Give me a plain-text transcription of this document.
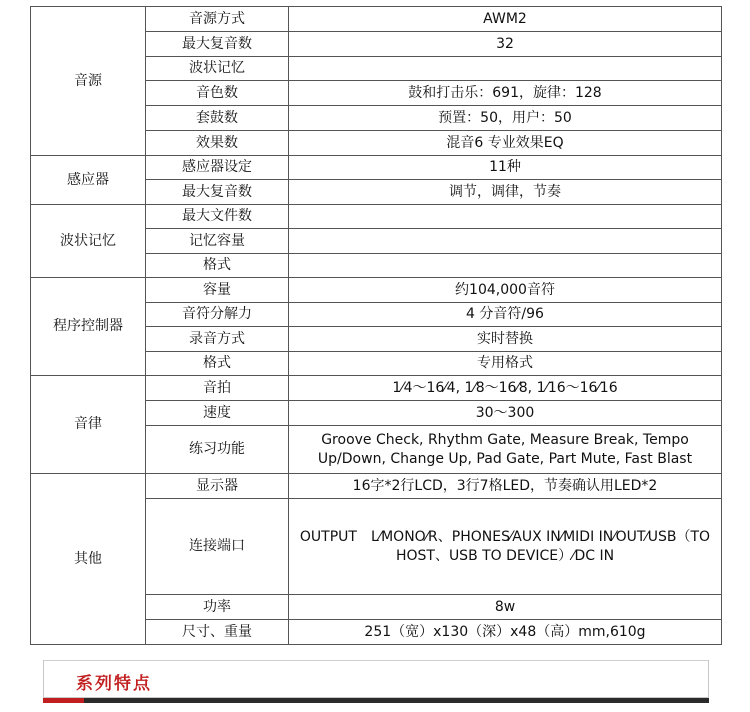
音源	音源方式	AWM2
	最大复音数	32
	波状记忆	
	音色数	鼓和打击乐：691，旋律：128
	套鼓数	预置：50，用户：50
	效果数	混音6 专业效果EQ
感应器	感应器设定	11种
	最大复音数	调节，调律，节奏
波状记忆	最大文件数	
	记忆容量	
	格式	
程序控制器	容量	约104,000音符
	音符分解力	4 分音符/96
	录音方式	实时替换
	格式	专用格式
音律	音拍	1⁄4～16⁄4, 1⁄8～16⁄8, 1⁄16～16⁄16
	速度	30～300
	练习功能	Groove Check, Rhythm Gate, Measure Break, Tempo Up/Down, Change Up, Pad Gate, Part Mute, Fast Blast
其他	显示器	16字*2行LCD，3行7格LED，节奏确认用LED*2
	连接端口	OUTPUT　L⁄MONO⁄R、PHONES⁄AUX IN⁄MIDI IN⁄OUT⁄USB（TO HOST、USB TO DEVICE）⁄DC IN
	功率	8w
	尺寸、重量	251（宽）x130（深）x48（高）mm,610g
系列特点
